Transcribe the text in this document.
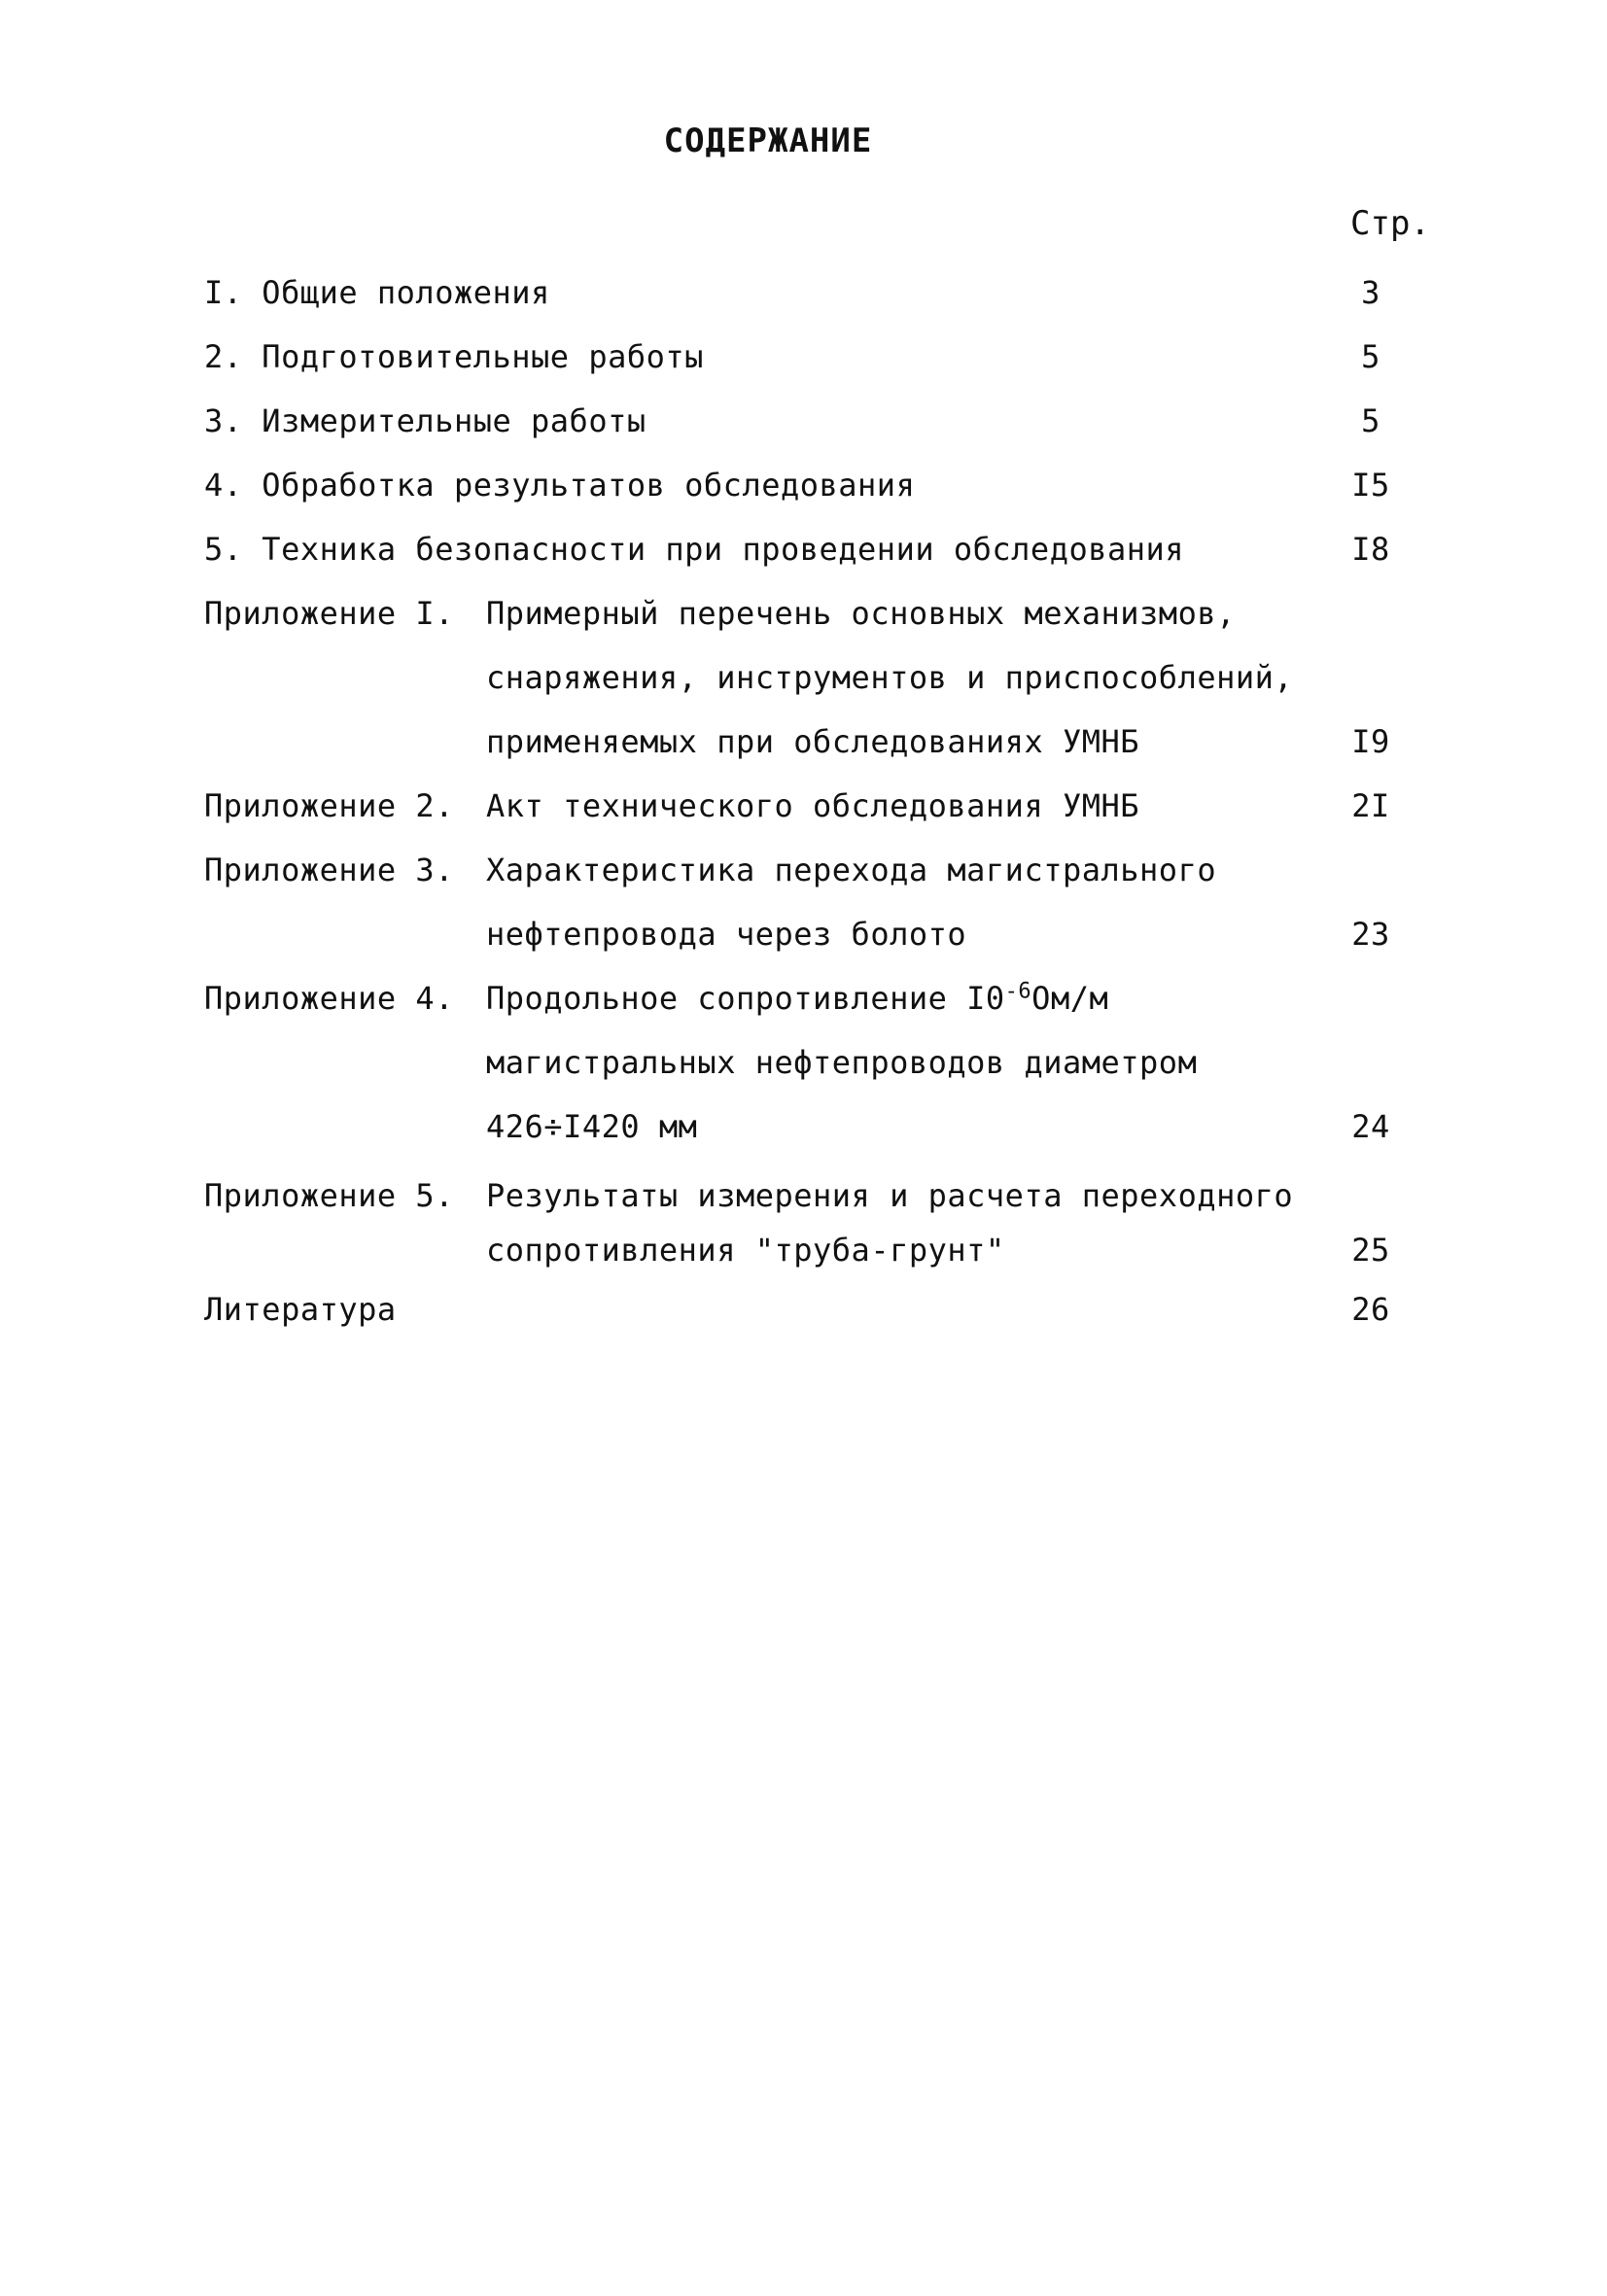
СОДЕРЖАНИЕ
Стр.
I. Общие положения	3
2. Подготовительные работы	5
3. Измерительные работы	5
4. Обработка результатов обследования	I5
5. Техника безопасности при проведении обследования	I8
Приложение I.	Примерный перечень основных механизмов,
снаряжения, инструментов и приспособлений,
применяемых при обследованиях УМНБ	I9
Приложение 2.	Акт технического обследования УМНБ	2I
Приложение 3.	Характеристика перехода магистрального
нефтепровода через болото	23
Приложение 4.	Продольное сопротивление $I0^{-6}Ом/м$
магистральных нефтепроводов диаметром
426÷I420 мм	24
Приложение 5.	Результаты измерения и расчета переходного
сопротивления "труба-грунт"	25
Литература	26
